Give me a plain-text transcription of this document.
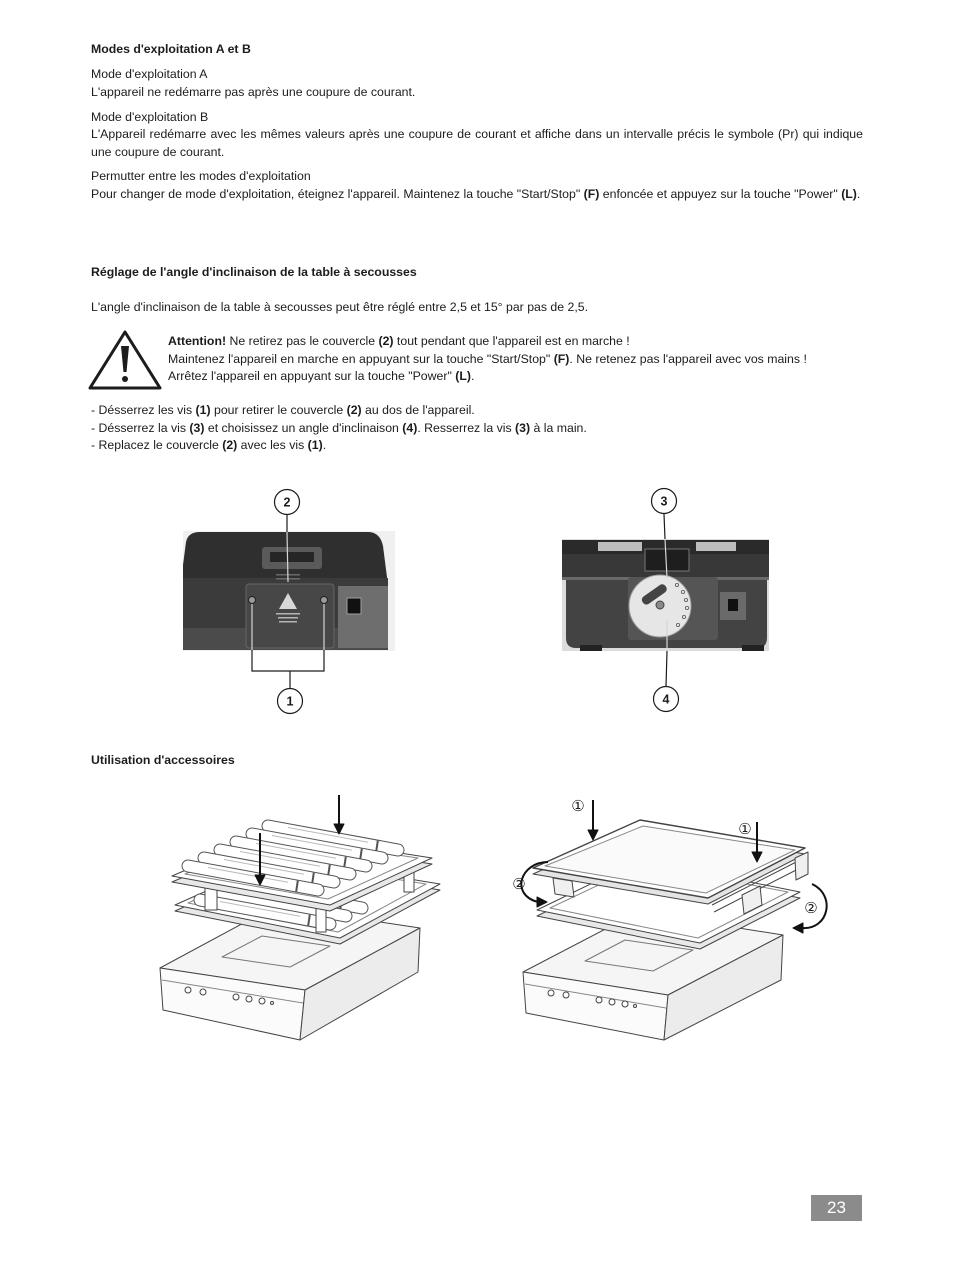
Modes d'exploitation A et B
Mode d'exploitation A
L'appareil ne redémarre pas après une coupure de courant.
Mode d'exploitation B
L'Appareil redémarre avec les mêmes valeurs après une coupure de courant et affiche dans un intervalle précis le symbole (Pr) qui indique une coupure de courant.
Permutter entre les modes d'exploitation
Pour changer de mode d'exploitation, éteignez l'appareil. Maintenez la touche "Start/Stop" (F) enfoncée et appuyez sur la touche "Power" (L).
Réglage de l'angle d'inclinaison de la table à secousses
L'angle d'inclinaison de la table à secousses peut être réglé entre 2,5 et 15° par pas de 2,5.
Attention! Ne retirez pas le couvercle (2) tout pendant que l'appareil est en marche !
Maintenez l'appareil en marche en appuyant sur la touche "Start/Stop" (F). Ne retenez pas l'appareil avec vos mains !
Arrêtez l'appareil en appuyant sur la touche "Power" (L).
- Désserrez les vis (1) pour retirer le couvercle (2) au dos de l'appareil.
- Désserrez la vis (3) et choisissez un angle d'inclinaison (4). Resserrez la vis (3) à la main.
- Replacez le couvercle (2) avec les vis (1).
Utilisation d'accessoires
2
1
3
4
①
①
②
②
23
